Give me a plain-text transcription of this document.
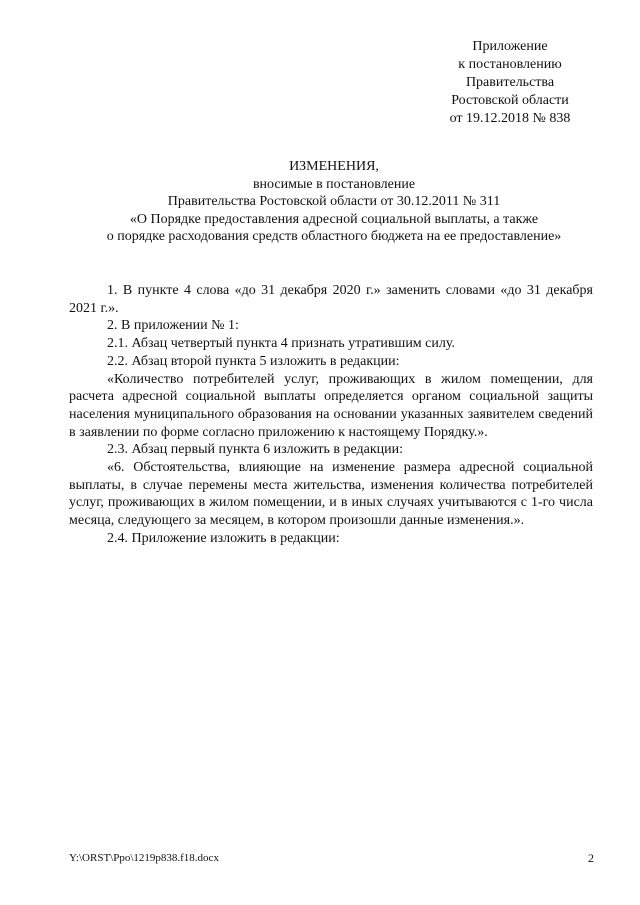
Приложение
к постановлению
Правительства
Ростовской области
от 19.12.2018 № 838
ИЗМЕНЕНИЯ,
вносимые в постановление
Правительства Ростовской области от 30.12.2011 № 311
«О Порядке предоставления адресной социальной выплаты, а также
о порядке расходования средств областного бюджета на ее предоставление»

1. В пункте 4 слова «до 31 декабря 2020 г.» заменить словами «до 31 декабря 2021 г.».

2. В приложении № 1:

2.1. Абзац четвертый пункта 4 признать утратившим силу.

2.2. Абзац второй пункта 5 изложить в редакции:

«Количество потребителей услуг, проживающих в жилом помещении, для расчета адресной социальной выплаты определяется органом социальной защиты населения муниципального образования на основании указанных заявителем сведений в заявлении по форме согласно приложению к настоящему Порядку.».

2.3. Абзац первый пункта 6 изложить в редакции:

«6. Обстоятельства, влияющие на изменение размера адресной социальной выплаты, в случае перемены места жительства, изменения количества потребителей услуг, проживающих в жилом помещении, и в иных случаях учитываются с 1-го числа месяца, следующего за месяцем, в котором произошли данные изменения.».

2.4. Приложение изложить в редакции:

Y:\ORST\Ppo\1219p838.f18.docx	2
